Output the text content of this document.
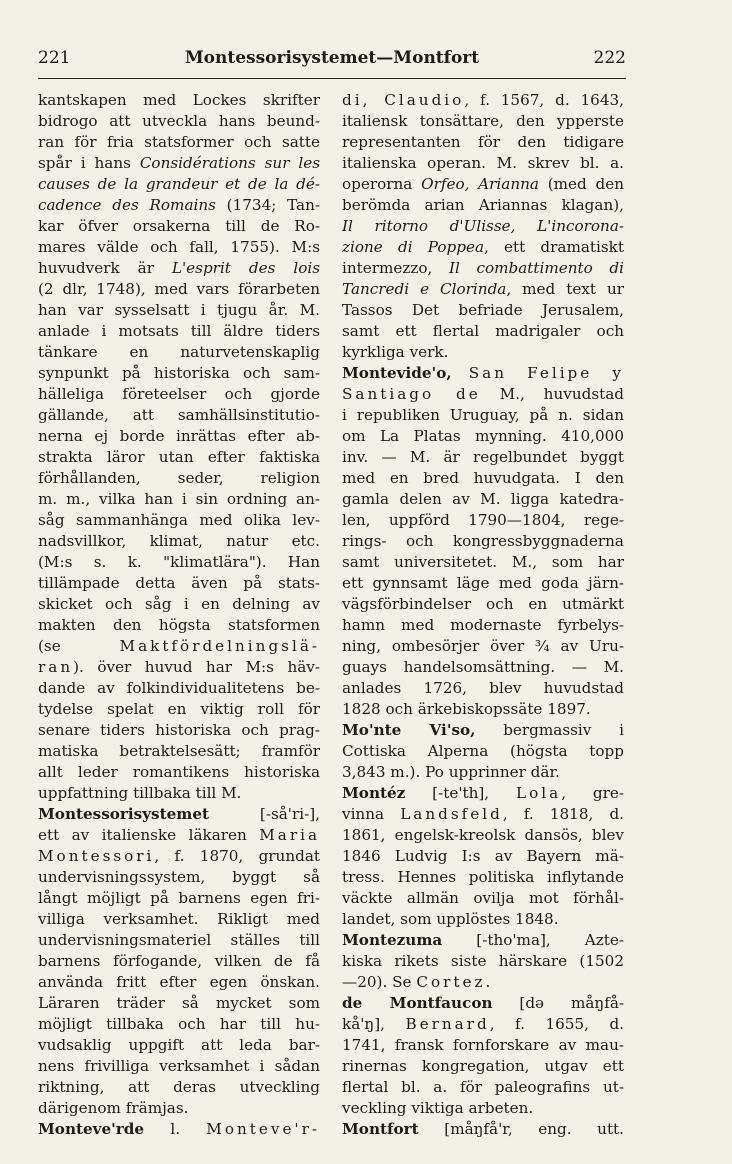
221	Montessorisystemet—Montfort	222
kantskapen med Lockes skrifter
bidrogo att utveckla hans beund-
ran för fria statsformer och satte
spår i hans Considérations sur les
causes de la grandeur et de la dé-
cadence des Romains (1734; Tan-
kar öfver orsakerna till de Ro-
mares välde och fall, 1755). M:s
huvudverk är L'esprit des lois
(2 dlr, 1748), med vars förarbeten
han var sysselsatt i tjugu år. M.
anlade i motsats till äldre tiders
tänkare en naturvetenskaplig
synpunkt på historiska och sam-
hälleliga företeelser och gjorde
gällande, att samhällsinstitutio-
nerna ej borde inrättas efter ab-
strakta läror utan efter faktiska
förhållanden, seder, religion
m. m., vilka han i sin ordning an-
såg sammanhänga med olika lev-
nadsvillkor, klimat, natur etc.
(M:s s. k. "klimatlära"). Han
tillämpade detta även på stats-
skicket och såg i en delning av
makten den högsta statsformen
(se Maktfördelningslä-
ran). över huvud har M:s häv-
dande av folkindividualitetens be-
tydelse spelat en viktig roll för
senare tiders historiska och prag-
matiska betraktelsesätt; framför
allt leder romantikens historiska
uppfattning tillbaka till M.
Montessorisystemet [-så'ri-],
ett av italienske läkaren Maria
Montessori, f. 1870, grundat
undervisningssystem, byggt så
långt möjligt på barnens egen fri-
villiga verksamhet. Rikligt med
undervisningsmateriel ställes till
barnens förfogande, vilken de få
använda fritt efter egen önskan.
Läraren träder så mycket som
möjligt tillbaka och har till hu-
vudsaklig uppgift att leda bar-
nens frivilliga verksamhet i sådan
riktning, att deras utveckling
därigenom främjas.
Monteve'rde l. Monteve'r-
di, Claudio, f. 1567, d. 1643,
italiensk tonsättare, den ypperste
representanten för den tidigare
italienska operan. M. skrev bl. a.
operorna Orfeo, Arianna (med den
berömda arian Ariannas klagan),
Il ritorno d'Ulisse, L'incorona-
zione di Poppea, ett dramatiskt
intermezzo, Il combattimento di
Tancredi e Clorinda, med text ur
Tassos Det befriade Jerusalem,
samt ett flertal madrigaler och
kyrkliga verk.
Montevide'o, San Felipe y
Santiago de M., huvudstad
i republiken Uruguay, på n. sidan
om La Platas mynning. 410,000
inv. — M. är regelbundet byggt
med en bred huvudgata. I den
gamla delen av M. ligga katedra-
len, uppförd 1790—1804, rege-
rings- och kongressbyggnaderna
samt universitetet. M., som har
ett gynnsamt läge med goda järn-
vägsförbindelser och en utmärkt
hamn med modernaste fyrbelys-
ning, ombesörjer över ¾ av Uru-
guays handelsomsättning. — M.
anlades 1726, blev huvudstad
1828 och ärkebiskopssäte 1897.
Mo'nte Vi'so, bergmassiv i
Cottiska Alperna (högsta topp
3,843 m.). Po upprinner där.
Montéz [-te'th], Lola, gre-
vinna Landsfeld, f. 1818, d.
1861, engelsk-kreolsk dansös, blev
1846 Ludvig I:s av Bayern mä-
tress. Hennes politiska inflytande
väckte allmän ovilja mot förhål-
landet, som upplöstes 1848.
Montezuma [-tho'ma], Azte-
kiska rikets siste härskare (1502
—20). Se Cortez.
de Montfaucon [də måŋfå-
kå'ŋ], Bernard, f. 1655, d.
1741, fransk fornforskare av mau-
rinernas kongregation, utgav ett
flertal bl. a. för paleografins ut-
veckling viktiga arbeten.
Montfort [måŋfå'r, eng. utt.
